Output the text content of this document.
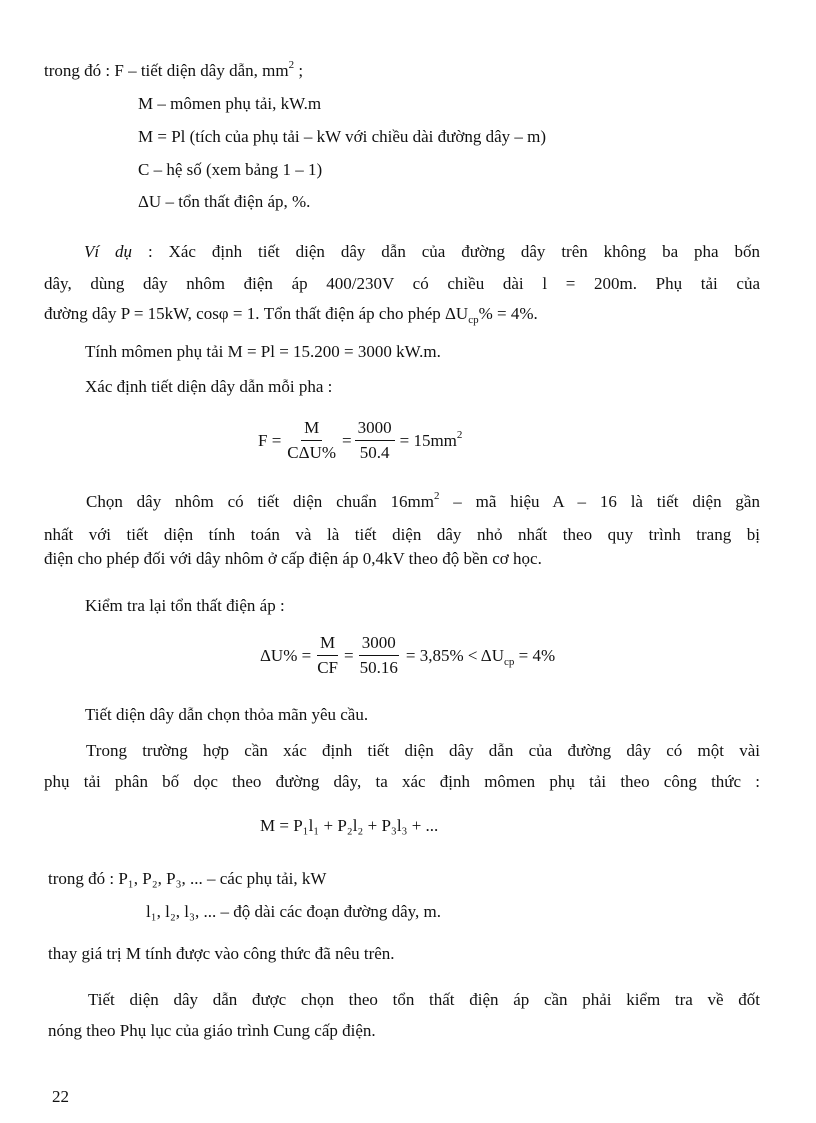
trong đó : F – tiết diện dây dẫn, $mm^2$ ;
M – mômen phụ tải, kW.m
M = Pl (tích của phụ tải – kW với chiều dài đường dây – m)
C – hệ số (xem bảng 1 – 1)
ΔU – tổn thất điện áp, %.
Ví dụ : Xác định tiết diện dây dẫn của đường dây trên không ba pha bốn
dây, dùng dây nhôm điện áp 400/230V có chiều dài l = 200m. Phụ tải của
đường dây P = 15kW, cosφ = 1. Tổn thất điện áp cho phép $\Delta U_{cp}\% = 4\%$.
Tính mômen phụ tải M = Pl = 15.200 = 3000 kW.m.
Xác định tiết diện dây dẫn mỗi pha :
$F = \frac{M}{\text{CΔU\%}} = \frac{3000}{50.4} = 15mm^2$
Chọn dây nhôm có tiết diện chuẩn $16mm^2$ – mã hiệu A – 16 là tiết diện gần
nhất với tiết diện tính toán và là tiết diện dây nhỏ nhất theo quy trình trang bị
điện cho phép đối với dây nhôm ở cấp điện áp 0,4kV theo độ bền cơ học.
Kiểm tra lại tổn thất điện áp :
$\Delta U\% = \frac{M}{CF} = \frac{3000}{50.16} = 3,85\% < \Delta U_{cp} = 4\%$
Tiết diện dây dẫn chọn thỏa mãn yêu cầu.
Trong trường hợp cần xác định tiết diện dây dẫn của đường dây có một vài
phụ tải phân bố dọc theo đường dây, ta xác định mômen phụ tải theo công thức :
M = P₁l₁ + P₂l₂ + P₃l₃ + ...
trong đó : P₁, P₂, P₃, ... – các phụ tải, kW
l₁, l₂, l₃, ... – độ dài các đoạn đường dây, m.
thay giá trị M tính được vào công thức đã nêu trên.
Tiết diện dây dẫn được chọn theo tổn thất điện áp cần phải kiểm tra về đốt
nóng theo Phụ lục của giáo trình Cung cấp điện.
22
